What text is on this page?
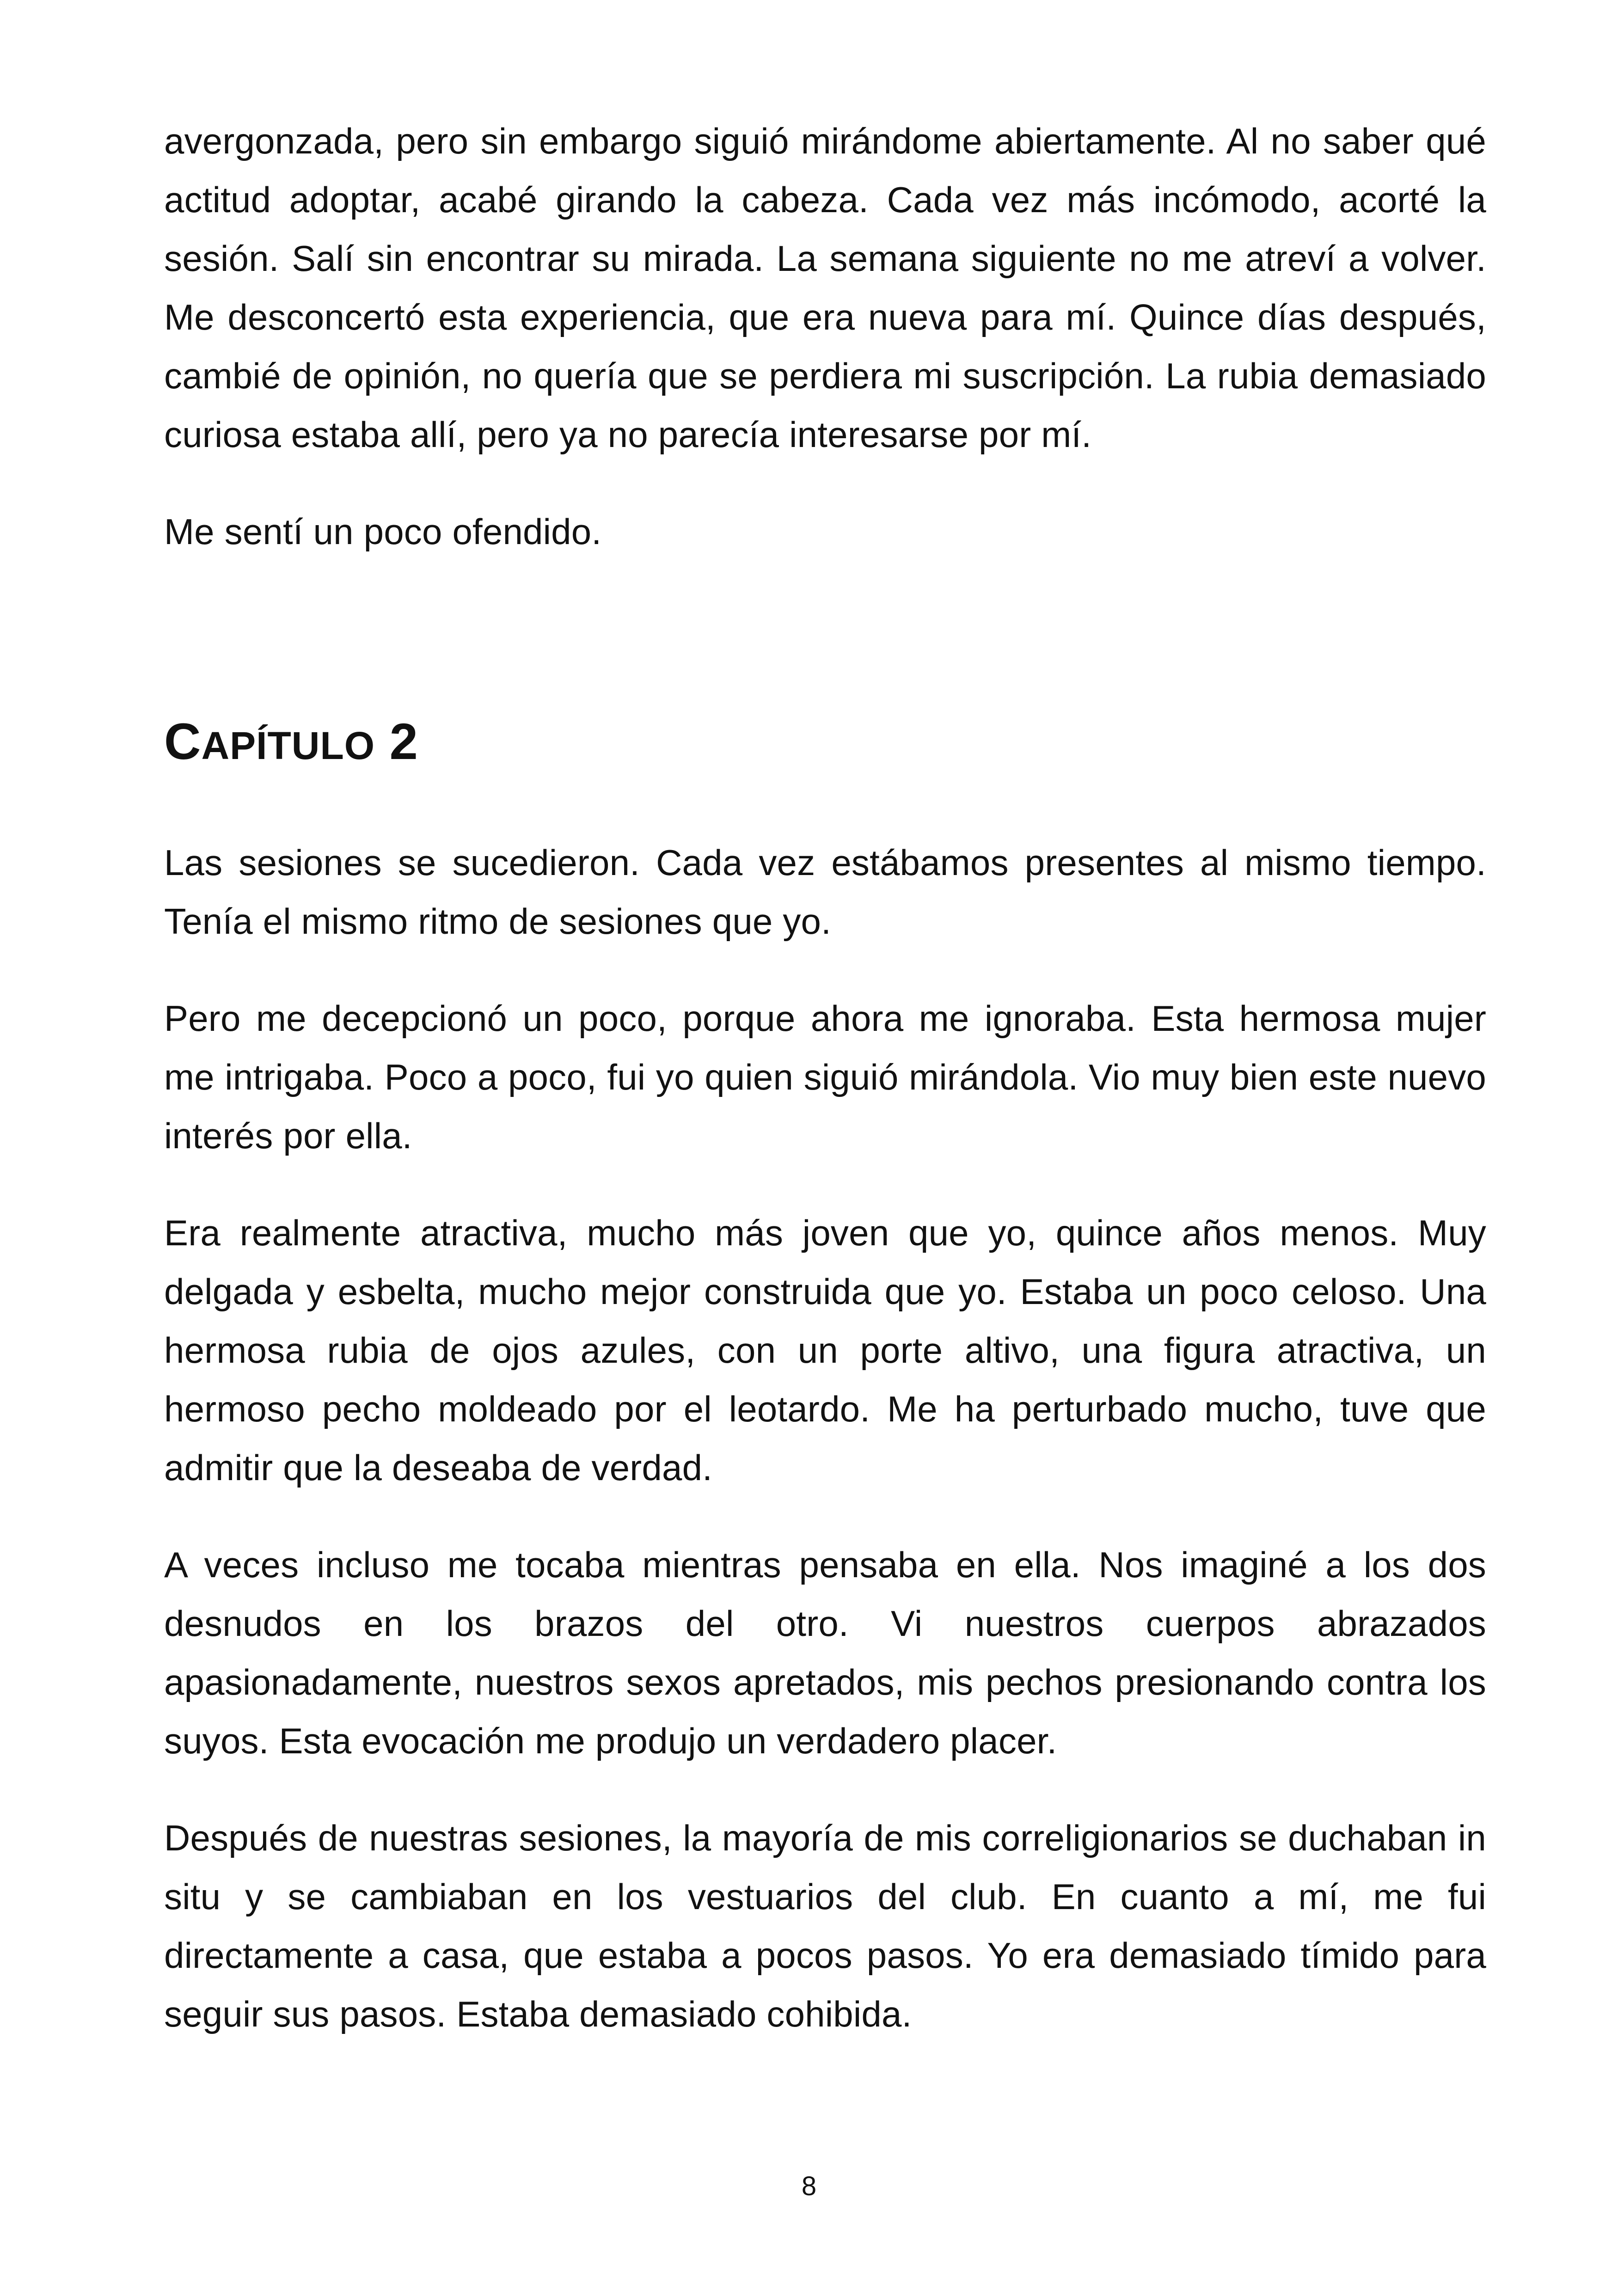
avergonzada, pero sin embargo siguió mirándome abiertamente. Al no saber qué actitud adoptar, acabé girando la cabeza. Cada vez más incómodo, acorté la sesión. Salí sin encontrar su mirada. La semana siguiente no me atreví a volver. Me desconcertó esta experiencia, que era nueva para mí. Quince días después, cambié de opinión, no quería que se perdiera mi suscripción. La rubia demasiado curiosa estaba allí, pero ya no parecía interesarse por mí.

Me sentí un poco ofendido.

CAPÍTULO 2

Las sesiones se sucedieron. Cada vez estábamos presentes al mismo tiempo. Tenía el mismo ritmo de sesiones que yo.

Pero me decepcionó un poco, porque ahora me ignoraba. Esta hermosa mujer me intrigaba. Poco a poco, fui yo quien siguió mirándola. Vio muy bien este nuevo interés por ella.

Era realmente atractiva, mucho más joven que yo, quince años menos. Muy delgada y esbelta, mucho mejor construida que yo. Estaba un poco celoso. Una hermosa rubia de ojos azules, con un porte altivo, una figura atractiva, un hermoso pecho moldeado por el leotardo. Me ha perturbado mucho, tuve que admitir que la deseaba de verdad.

A veces incluso me tocaba mientras pensaba en ella. Nos imaginé a los dos desnudos en los brazos del otro. Vi nuestros cuerpos abrazados apasionadamente, nuestros sexos apretados, mis pechos presionando contra los suyos. Esta evocación me produjo un verdadero placer.

Después de nuestras sesiones, la mayoría de mis correligionarios se duchaban in situ y se cambiaban en los vestuarios del club. En cuanto a mí, me fui directamente a casa, que estaba a pocos pasos. Yo era demasiado tímido para seguir sus pasos. Estaba demasiado cohibida.

8
